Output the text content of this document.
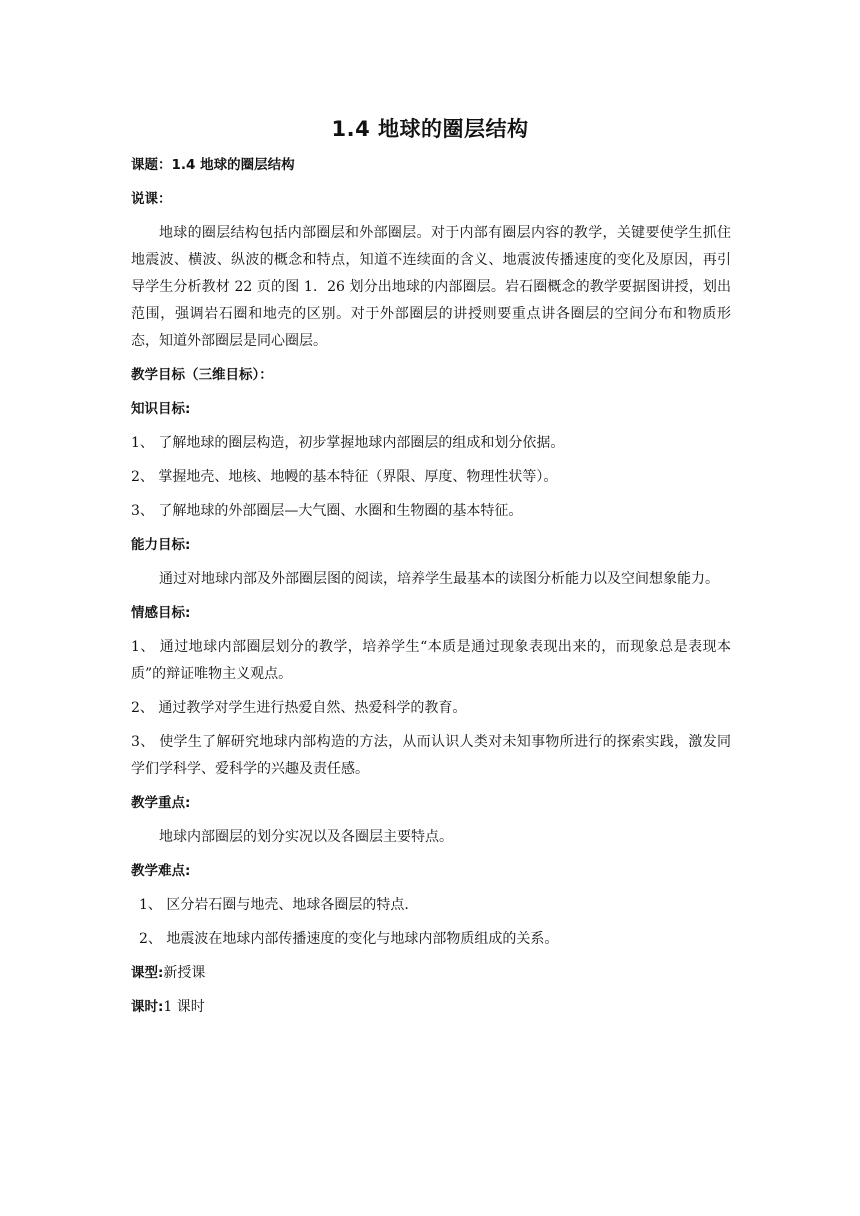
1.4 地球的圈层结构

课题：1.4 地球的圈层结构

说课：

地球的圈层结构包括内部圈层和外部圈层。对于内部有圈层内容的教学，关键要使学生抓住地震波、横波、纵波的概念和特点，知道不连续面的含义、地震波传播速度的变化及原因，再引导学生分析教材 22 页的图 1．26 划分出地球的内部圈层。岩石圈概念的教学要据图讲授，划出范围，强调岩石圈和地壳的区别。对于外部圈层的讲授则要重点讲各圈层的空间分布和物质形态，知道外部圈层是同心圈层。

教学目标（三维目标）：

知识目标:

1、 了解地球的圈层构造，初步掌握地球内部圈层的组成和划分依据。

2、 掌握地壳、地核、地幔的基本特征（界限、厚度、物理性状等）。

3、 了解地球的外部圈层—大气圈、水圈和生物圈的基本特征。

能力目标:

通过对地球内部及外部圈层图的阅读，培养学生最基本的读图分析能力以及空间想象能力。

情感目标:

1、 通过地球内部圈层划分的教学，培养学生“本质是通过现象表现出来的，而现象总是表现本质”的辩证唯物主义观点。

2、 通过教学对学生进行热爱自然、热爱科学的教育。

3、 使学生了解研究地球内部构造的方法，从而认识人类对未知事物所进行的探索实践，激发同学们学科学、爱科学的兴趣及责任感。

教学重点:

地球内部圈层的划分实况以及各圈层主要特点。

教学难点:

1、 区分岩石圈与地壳、地球各圈层的特点.

2、 地震波在地球内部传播速度的变化与地球内部物质组成的关系。

课型:新授课

课时:1 课时
